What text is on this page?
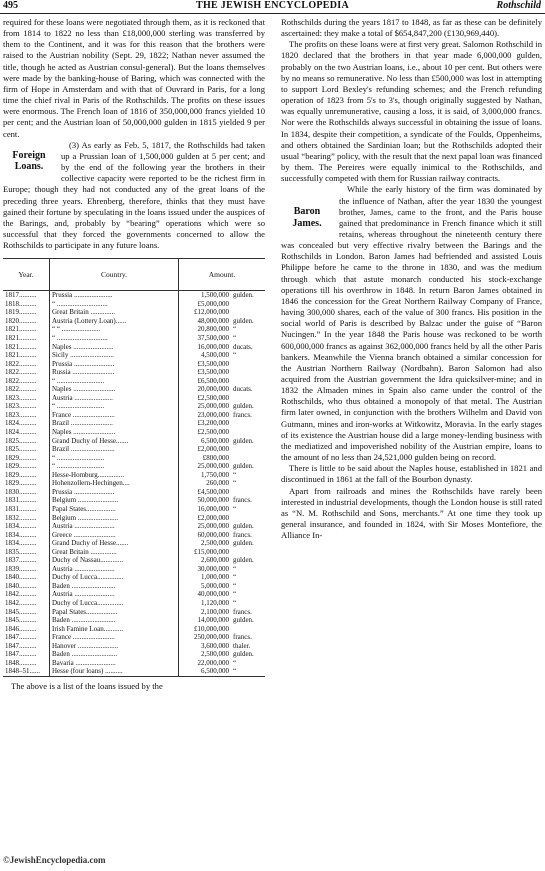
495	THE JEWISH ENCYCLOPEDIA	Rothschild

required for these loans were negotiated through them, as it is reckoned that from 1814 to 1822 no less than £18,000,000 sterling was transferred by them to the Continent, and it was for this reason that the brothers were raised to the Austrian nobility (Sept. 29, 1822; Nathan never assumed the title, though he acted as Austrian consul-general). But the loans themselves were made by the banking-house of Baring, which was connected with the firm of Hope in Amsterdam and with that of Ouvrard in Paris, for a long time the chief rival in Paris of the Rothschilds. The profits on these issues were enormous. The French loan of 1816 of 350,000,000 francs yielded 10 per cent; and the Austrian loan of 50,000,000 gulden in 1815 yielded 9 per cent.

Foreign
Loans.

(3) As early as Feb. 5, 1817, the Rothschilds had taken up a Prussian loan of 1,500,000 gulden at 5 per cent; and by the end of the following year the brothers in their collective capacity were reported to be the richest firm in Europe; though they had not conducted any of the great loans of the preceding three years. Ehrenberg, therefore, thinks that they must have gained their fortune by speculating in the loans issued under the auspices of the Barings, and, probably by “bearing” operations which were so successful that they forced the governments concerned to allow the Rothschilds to participate in any future loans.

Year.	Country.	Amount.	
1817..........	Prussia ......................	1,500,000	gulden.
1818..........	“ .............................	£5,000,000	
1819..........	Great Britain ..............	£12,000,000	
1820..........	Austria (Lottery Loan)......	48,000,000	gulden.
1821..........	“ “ ......................	20,800,000	“
1821..........	“ .............................	37,500,000	“
1821..........	Naples .......................	16,000,000	ducats.
1821..........	Sicily .........................	4,500,000	“
1822..........	Prussia .......................	£3,500,000	
1822..........	Russia ........................	£3,500,000	
1822..........	“ ...........................	£6,500,000	
1822..........	Naples ........................	20,000,000	ducats.
1823..........	Austria ......................	£2,500,000	
1823..........	“ ...........................	25,000,000	gulden.
1823..........	France ........................	23,000,000	francs.
1824..........	Brazil ........................	£3,200,000	
1824..........	Naples ........................	£2,500,000	
1825..........	Grand Duchy of Hesse.......	6,500,000	gulden.
1825..........	Brazil .........................	£2,000,000	
1829..........	“ ...........................	£800,000	
1829..........	“ ...........................	25,000,000	gulden.
1829..........	Hesse-Homburg...............	1,750,000	“
1829..........	Hohenzollern-Hechingen....	260,000	“
1830..........	Prussia .......................	£4,500,000	
1831..........	Belgium .......................	50,000,000	francs.
1831..........	Papal States.................	16,000,000	“
1832..........	Belgium .......................	£2,000,000	
1834..........	Austria .......................	25,000,000	gulden.
1834..........	Greece ........................	60,000,000	francs.
1834..........	Grand Duchy of Hesse.......	2,500,000	gulden.
1835..........	Great Britain ...............	£15,000,000	
1837..........	Duchy of Nassau.............	2,600,000	gulden.
1839..........	Austria .......................	30,000,000	“
1840..........	Duchy of Lucca...............	1,000,000	“
1840..........	Baden .........................	5,000,000	“
1842..........	Austria .......................	40,000,000	“
1842..........	Duchy of Lucca...............	1,120,000	“
1845..........	Papal States..................	2,100,000	francs.
1845..........	Baden .........................	14,000,000	gulden.
1846..........	Irish Famine Loan...........	£10,000,000	
1847..........	France ........................	250,000,000	francs.
1847..........	Hanover .......................	3,600,000	thaler.
1847..........	Baden ..........................	2,500,000	gulden.
1848..........	Bavaria .......................	22,000,000	“
1848–51......	Hesse (four loans) ..........	6,500,000	“

The above is a list of the loans issued by the

Rothschilds during the years 1817 to 1848, as far as these can be definitely ascertained: they make a total of $654,847,200 (£130,969,440).

The profits on these loans were at first very great. Salomon Rothschild in 1820 declared that the brothers in that year made 6,000,000 gulden, probably on the two Austrian loans, i.e., about 10 per cent. But others were by no means so remunerative. No less than £500,000 was lost in attempting to support Lord Bexley's refunding schemes; and the French refunding operation of 1823 from 5's to 3's, though originally suggested by Nathan, was equally unremunerative, causing a loss, it is said, of 3,000,000 francs. Nor were the Rothschilds always successful in obtaining the issue of loans. In 1834, despite their competition, a syndicate of the Foulds, Oppenheims, and others obtained the Sardinian loan; but the Rothschilds adopted their usual “bearing” policy, with the result that the next papal loan was financed by them. The Pereires were equally inimical to the Rothschilds, and successfully competed with them for Russian railway contracts.

Baron
James.

While the early history of the firm was dominated by the influence of Nathan, after the year 1830 the youngest brother, James, came to the front, and the Paris house gained that predominance in French finance which it still retains, whereas throughout the nineteenth century there was concealed but very effective rivalry between the Barings and the Rothschilds in London. Baron James had befriended and assisted Louis Philippe before he came to the throne in 1830, and was the medium through which that astute monarch conducted his stock-exchange operations till his overthrow in 1848. In return Baron James obtained in 1846 the concession for the Great Northern Railway Company of France, having 300,000 shares, each of the value of 300 francs. His position in the social world of Paris is described by Balzac under the guise of “Baron Nucingen.” In the year 1848 the Paris house was reckoned to be worth 600,000,000 francs as against 362,000,000 francs held by all the other Paris bankers. Meanwhile the Vienna branch obtained a similar concession for the Austrian Northern Railway (Nordbahn). Baron Salomon had also acquired from the Austrian government the Idra quicksilver-mine; and in 1832 the Almaden mines in Spain also came under the control of the Rothschilds, who thus obtained a monopoly of that metal. The Austrian firm later owned, in conjunction with the brothers Wilhelm and David von Gutmann, mines and iron-works at Witkowitz, Moravia. In the early stages of its existence the Austrian house did a large money-lending business with the mediatized and impoverished nobility of the Austrian empire, loans to the amount of no less than 24,521,000 gulden being on record.

There is little to be said about the Naples house, established in 1821 and discontinued in 1861 at the fall of the Bourbon dynasty.

Apart from railroads and mines the Rothschilds have rarely been interested in industrial developments, though the London house is still rated as “N. M. Rothschild and Sons, merchants.” At one time they took up general insurance, and founded in 1824, with Sir Moses Montefiore, the Alliance In-

©JewishEncyclopedia.com
